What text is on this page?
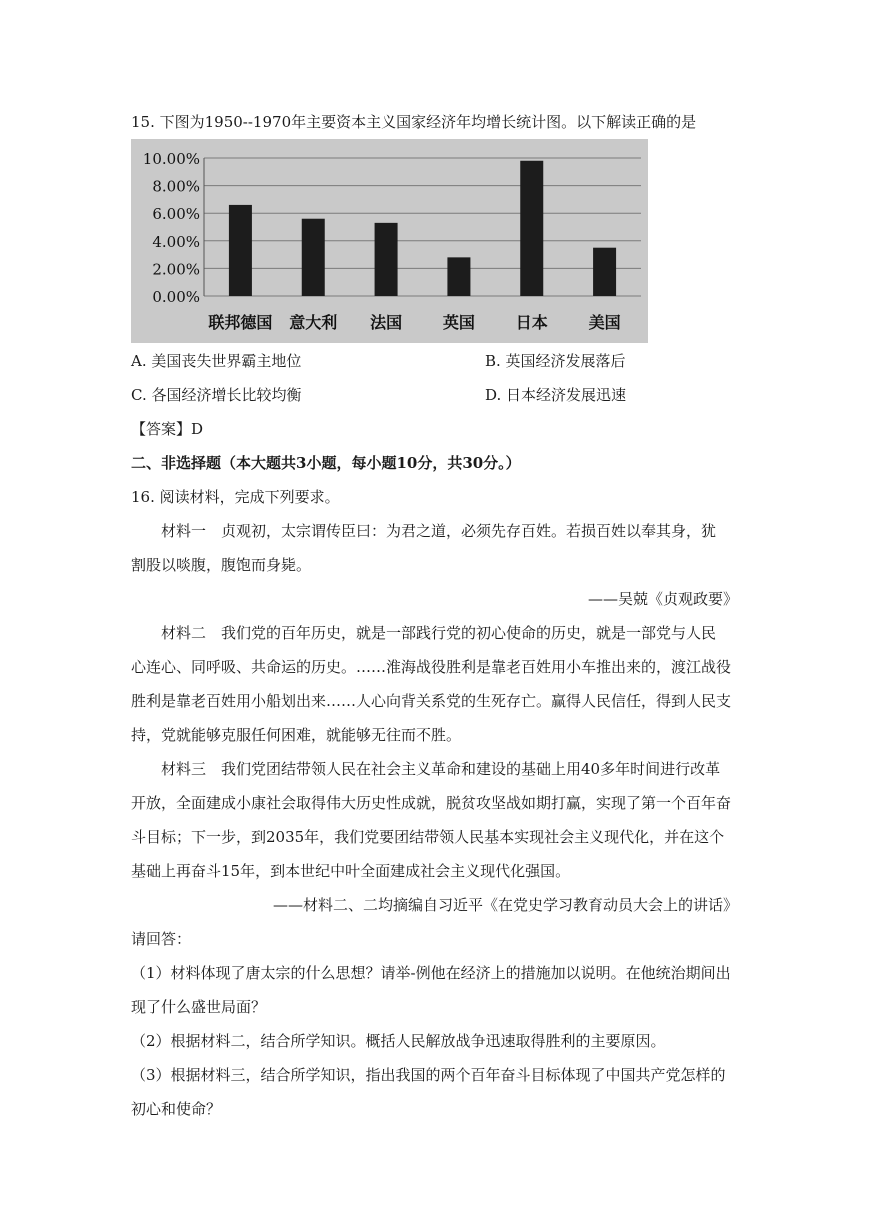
15. 下图为1950--1970年主要资本主义国家经济年均增长统计图。以下解读正确的是
0.00%
2.00%
4.00%
6.00%
8.00%
10.00%
联邦德国 意大利 法国	英国	日本	美国
A. 美国丧失世界霸主地位	B. 英国经济发展落后
C. 各国经济增长比较均衡	D. 日本经济发展迅速
【答案】D
二、非选择题（本大题共3小题，每小题10分，共30分。）
16. 阅读材料，完成下列要求。
材料一　贞观初，太宗谓传臣曰：为君之道，必须先存百姓。若损百姓以奉其身，犹
割股以啖腹，腹饱而身毙。
——吴兢《贞观政要》
材料二　我们党的百年历史，就是一部践行党的初心使命的历史，就是一部党与人民
心连心、同呼吸、共命运的历史。……淮海战役胜利是靠老百姓用小车推出来的，渡江战役
胜利是靠老百姓用小船划出来……人心向背关系党的生死存亡。赢得人民信任，得到人民支
持，党就能够克服任何困难，就能够无往而不胜。
材料三　我们党团结带领人民在社会主义革命和建设的基础上用40多年时间进行改革
开放，全面建成小康社会取得伟大历史性成就，脱贫攻坚战如期打赢，实现了第一个百年奋
斗目标；下一步，到2035年，我们党要团结带领人民基本实现社会主义现代化，并在这个
基础上再奋斗15年，到本世纪中叶全面建成社会主义现代化强国。
——材料二、二均摘编自习近平《在党史学习教育动员大会上的讲话》
请回答：
（1）材料体现了唐太宗的什么思想？请举-例他在经济上的措施加以说明。在他统治期间出
现了什么盛世局面？
（2）根据材料二，结合所学知识。概括人民解放战争迅速取得胜利的主要原因。
（3）根据材料三，结合所学知识，指出我国的两个百年奋斗目标体现了中国共产党怎样的
初心和使命？
